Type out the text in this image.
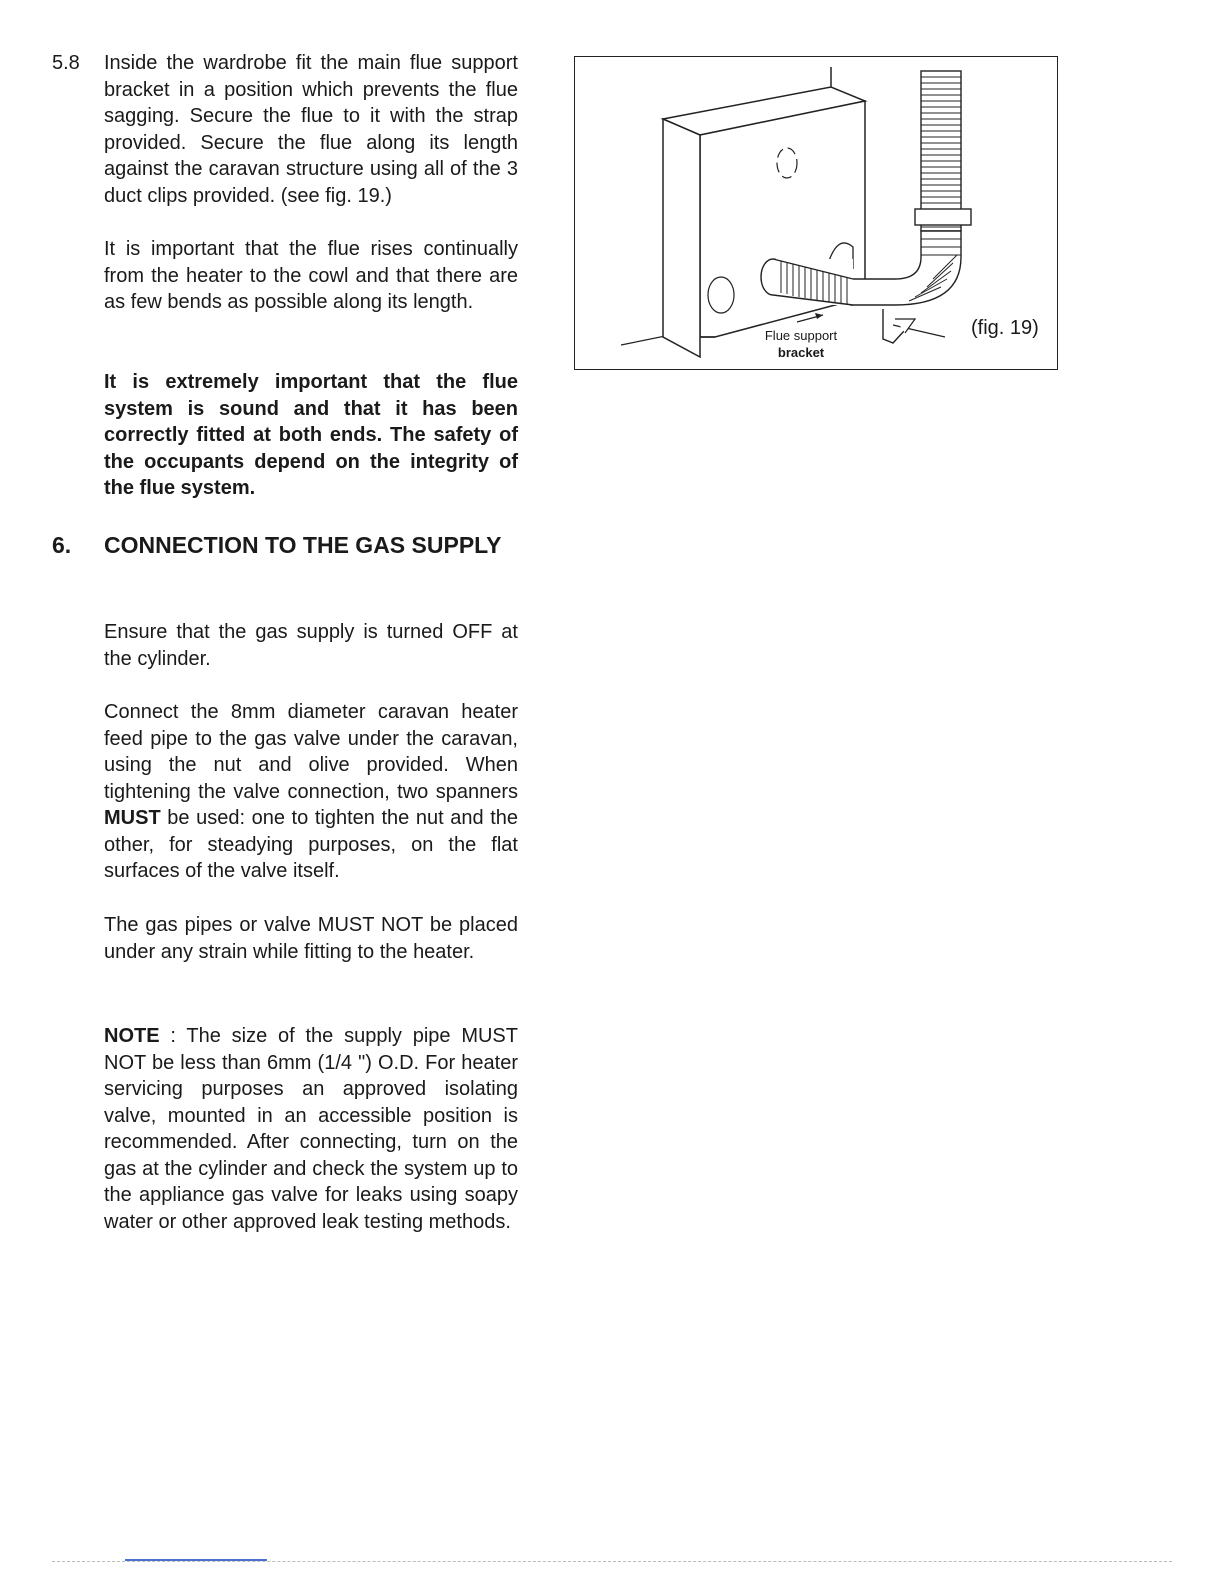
5.8 Inside the wardrobe fit the main flue support bracket in a position which prevents the flue sagging. Secure the flue to it with the strap provided. Secure the flue along its length against the caravan structure using all of the 3 duct clips provided. (see fig. 19.)

It is important that the flue rises continually from the heater to the cowl and that there are as few bends as possible along its length.

It is extremely important that the flue system is sound and that it has been correctly fitted at both ends. The safety of the occupants depend on the integrity of the flue system.

6. CONNECTION TO THE GAS SUPPLY

Ensure that the gas supply is turned OFF at the cylinder.

Connect the 8mm diameter caravan heater feed pipe to the gas valve under the caravan, using the nut and olive provided. When tightening the valve connection, two spanners MUST be used: one to tighten the nut and the other, for steadying purposes, on the flat surfaces of the valve itself.

The gas pipes or valve MUST NOT be placed under any strain while fitting to the heater.

NOTE : The size of the supply pipe MUST NOT be less than 6mm (1/4 ") O.D. For heater servicing purposes an approved isolating valve, mounted in an accessible position is recommended. After connecting, turn on the gas at the cylinder and check the system up to the appliance gas valve for leaks using soapy water or other approved leak testing methods.

Flue support
bracket
(fig. 19)
